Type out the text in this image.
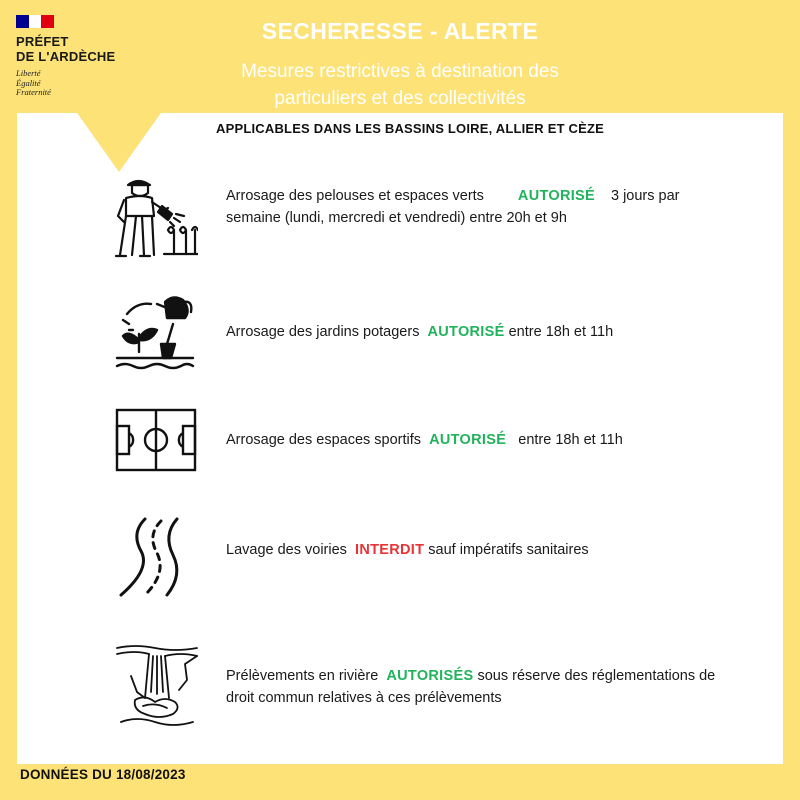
PRÉFET
DE L'ARDÈCHE
Liberté
Égalité
Fraternité
SECHERESSE - ALERTE
Mesures restrictives à destination des particuliers et des collectivités
APPLICABLES DANS LES BASSINS LOIRE, ALLIER ET CÈZE
Arrosage des pelouses et espaces verts AUTORISÉ 3 jours par
semaine (lundi, mercredi et vendredi) entre 20h et 9h
Arrosage des jardins potagers AUTORISÉ entre 18h et 11h
Arrosage des espaces sportifs AUTORISÉ entre 18h et 11h
Lavage des voiries INTERDIT sauf impératifs sanitaires
Prélèvements en rivière AUTORISÉS sous réserve des réglementations de droit commun relatives à ces prélèvements
DONNÉES DU 18/08/2023
